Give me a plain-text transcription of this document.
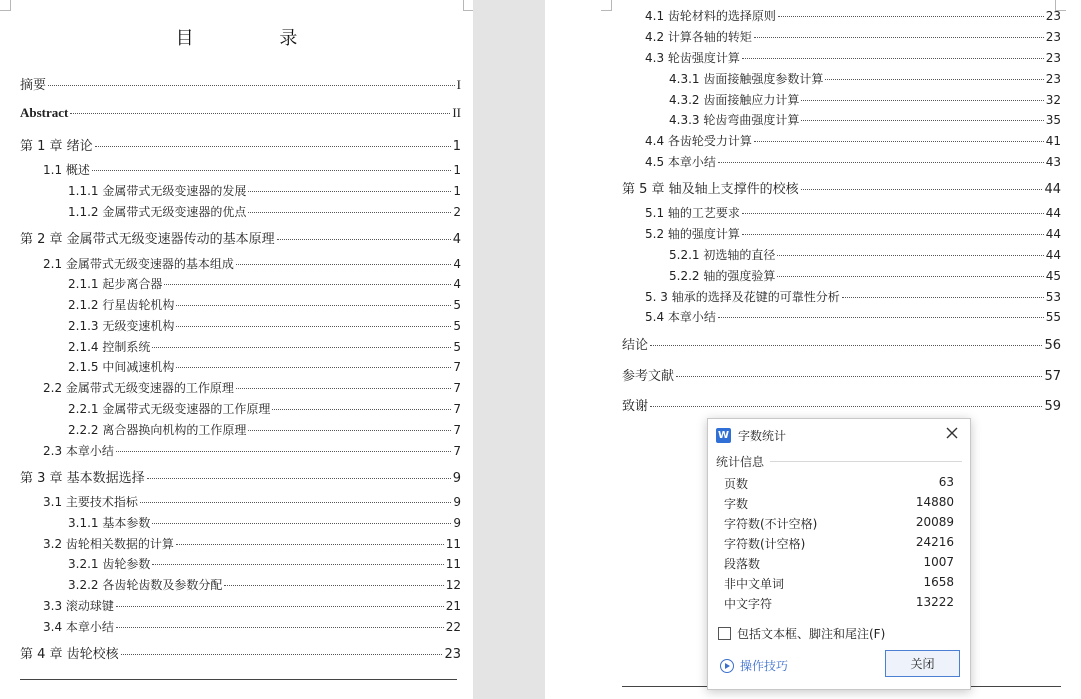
目 录
摘要	I
Abstract	II
第 1 章 绪论	1
1.1 概述	1
1.1.1 金属带式无级变速器的发展	1
1.1.2 金属带式无级变速器的优点	2
第 2 章 金属带式无级变速器传动的基本原理	4
2.1 金属带式无级变速器的基本组成	4
2.1.1 起步离合器	4
2.1.2 行星齿轮机构	5
2.1.3 无级变速机构	5
2.1.4 控制系统	5
2.1.5 中间减速机构	7
2.2 金属带式无级变速器的工作原理	7
2.2.1 金属带式无级变速器的工作原理	7
2.2.2 离合器换向机构的工作原理	7
2.3 本章小结	7
第 3 章 基本数据选择	9
3.1 主要技术指标	9
3.1.1 基本参数	9
3.2 齿轮相关数据的计算	11
3.2.1 齿轮参数	11
3.2.2 各齿轮齿数及参数分配	12
3.3 滚动球键	21
3.4 本章小结	22
第 4 章 齿轮校核	23
4.1 齿轮材料的选择原则	23
4.2 计算各轴的转矩	23
4.3 轮齿强度计算	23
4.3.1 齿面接触强度参数计算	23
4.3.2 齿面接触应力计算	32
4.3.3 轮齿弯曲强度计算	35
4.4 各齿轮受力计算	41
4.5 本章小结	43
第 5 章 轴及轴上支撑件的校核	44
5.1 轴的工艺要求	44
5.2 轴的强度计算	44
5.2.1 初选轴的直径	44
5.2.2 轴的强度验算	45
5. 3 轴承的选择及花键的可靠性分析	53
5.4 本章小结	55
结论	56
参考文献	57
致谢	59
W 字数统计
统计信息
页数	63
字数	14880
字符数(不计空格)	20089
字符数(计空格)	24216
段落数	1007
非中文单词	1658
中文字符	13222
包括文本框、脚注和尾注(F)
操作技巧	关闭
